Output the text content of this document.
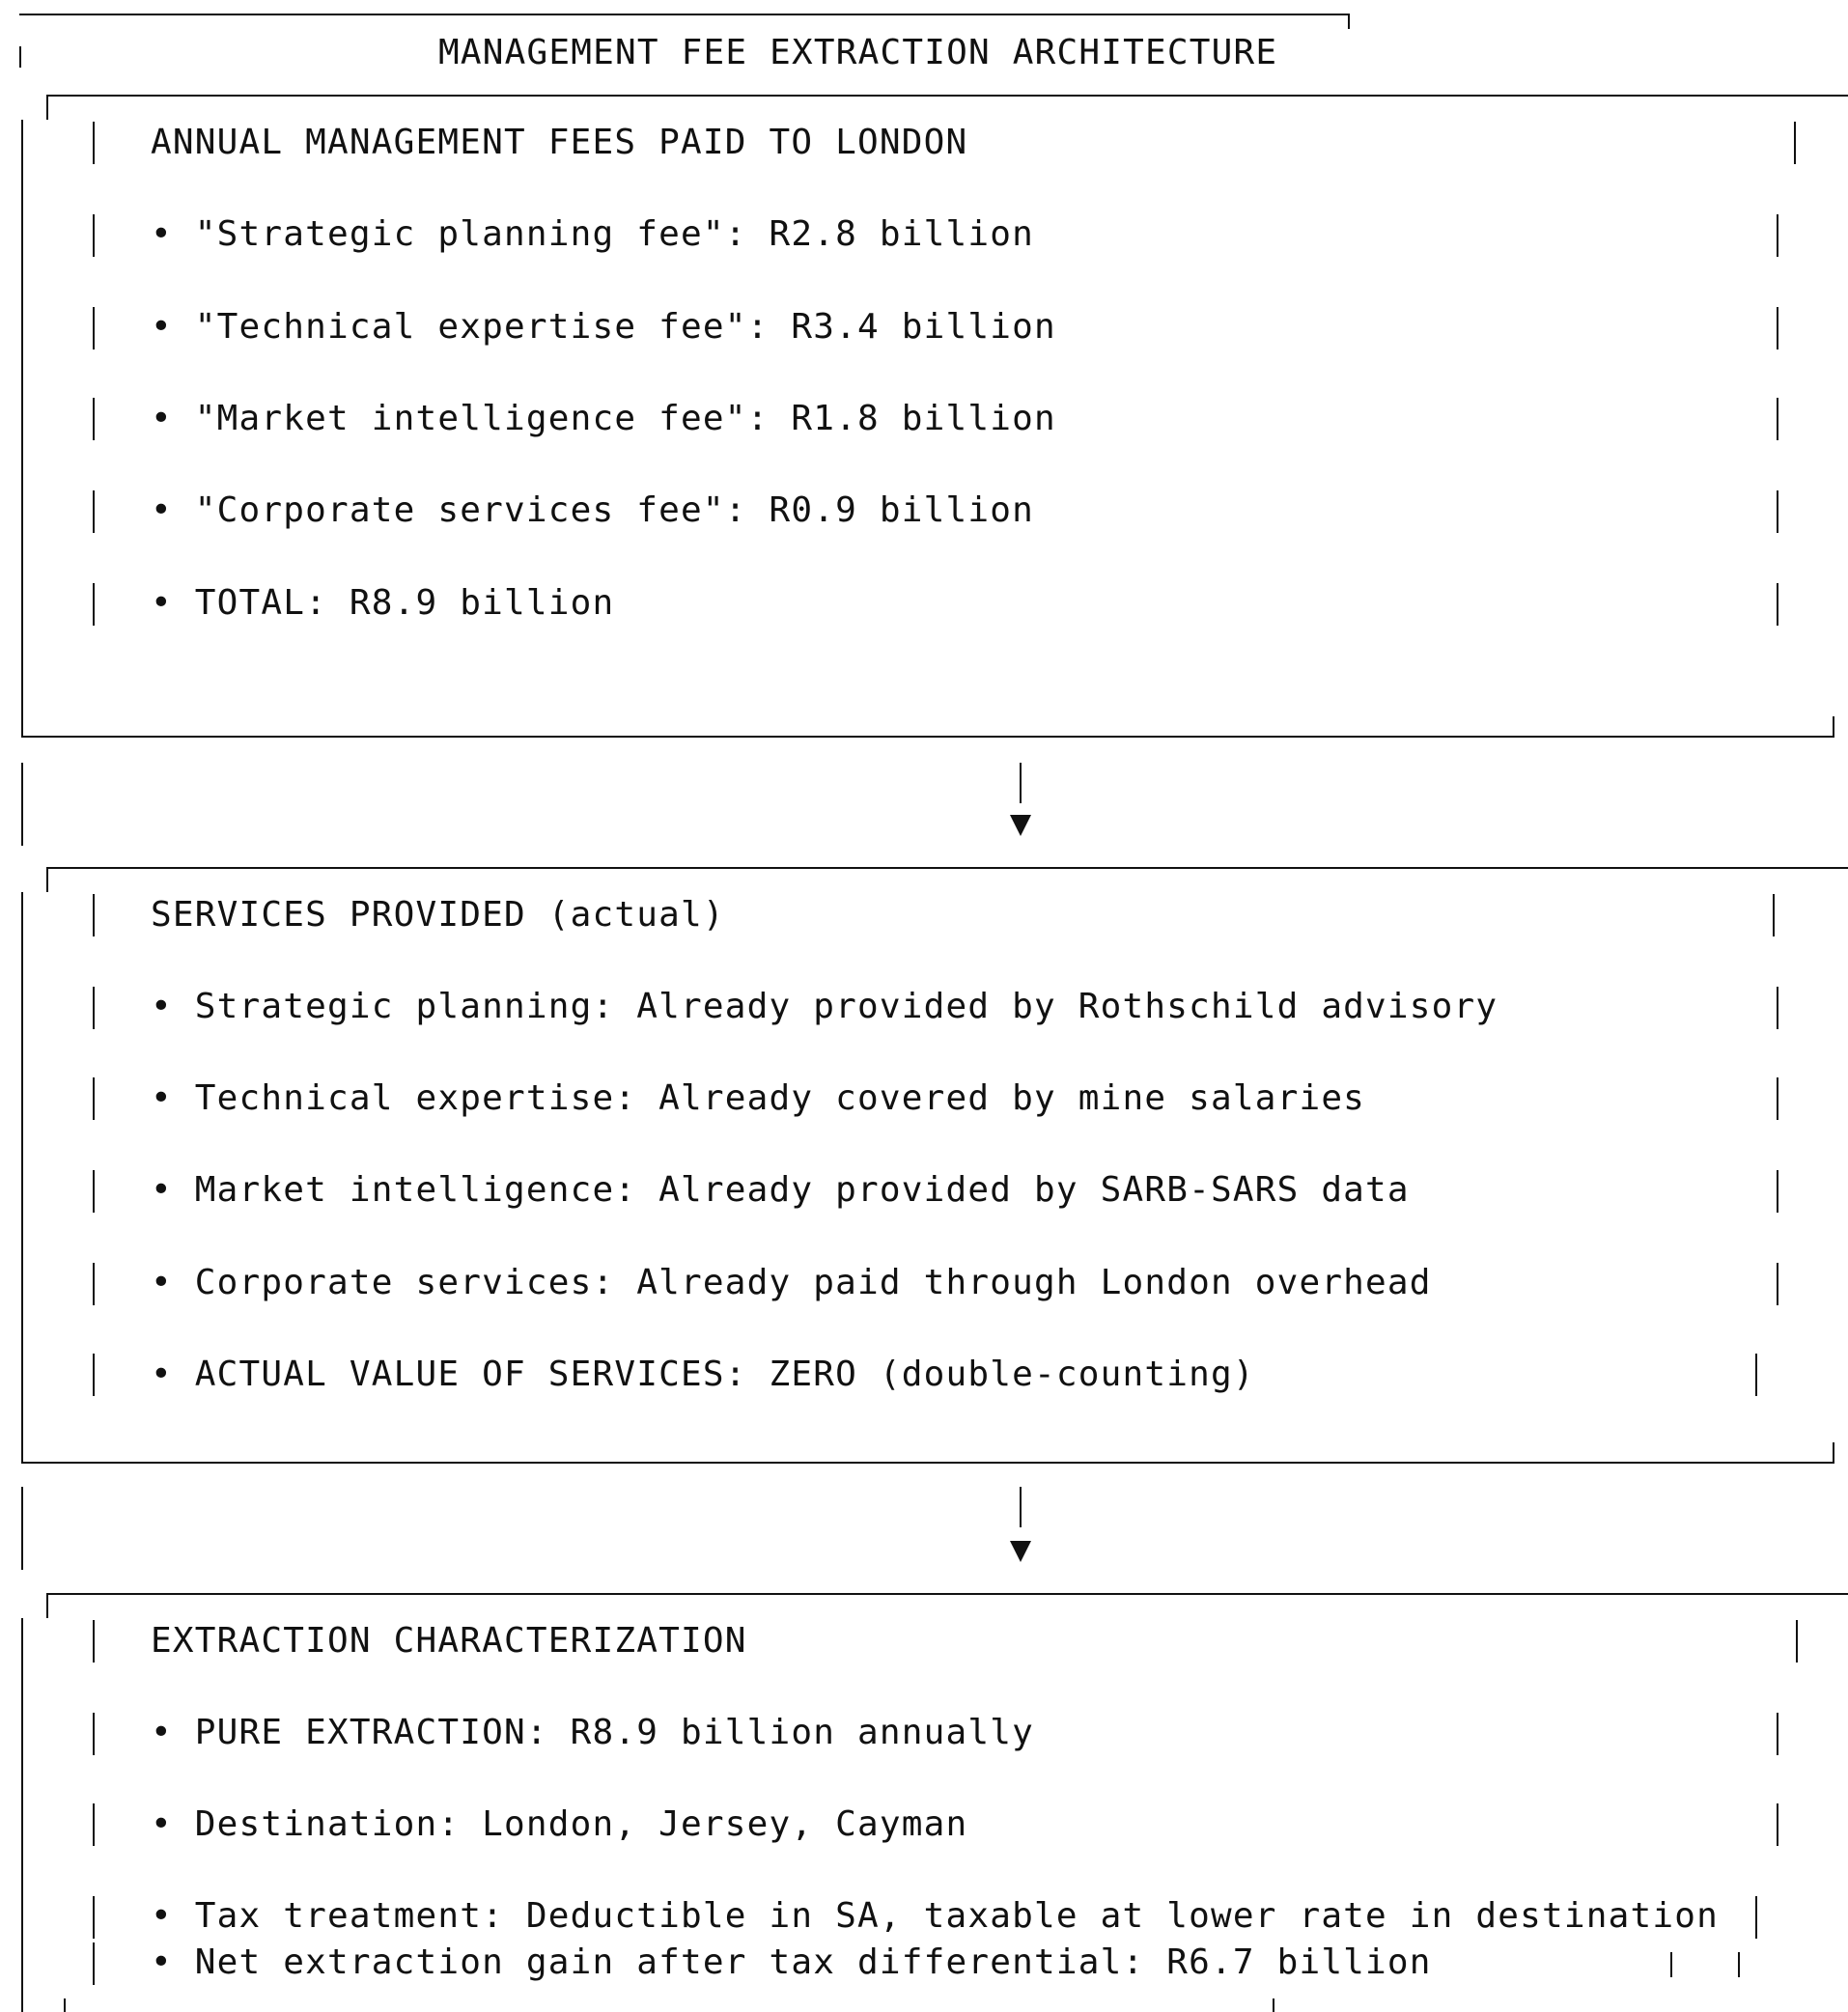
MANAGEMENT FEE EXTRACTION ARCHITECTURE
ANNUAL MANAGEMENT FEES PAID TO LONDON
• "Strategic planning fee": R2.8 billion
• "Technical expertise fee": R3.4 billion
• "Market intelligence fee": R1.8 billion
• "Corporate services fee": R0.9 billion
• TOTAL: R8.9 billion
SERVICES PROVIDED (actual)
• Strategic planning: Already provided by Rothschild advisory
• Technical expertise: Already covered by mine salaries
• Market intelligence: Already provided by SARB-SARS data
• Corporate services: Already paid through London overhead
• ACTUAL VALUE OF SERVICES: ZERO (double-counting)
EXTRACTION CHARACTERIZATION
• PURE EXTRACTION: R8.9 billion annually
• Destination: London, Jersey, Cayman
• Tax treatment: Deductible in SA, taxable at lower rate in destination
• Net extraction gain after tax differential: R6.7 billion
